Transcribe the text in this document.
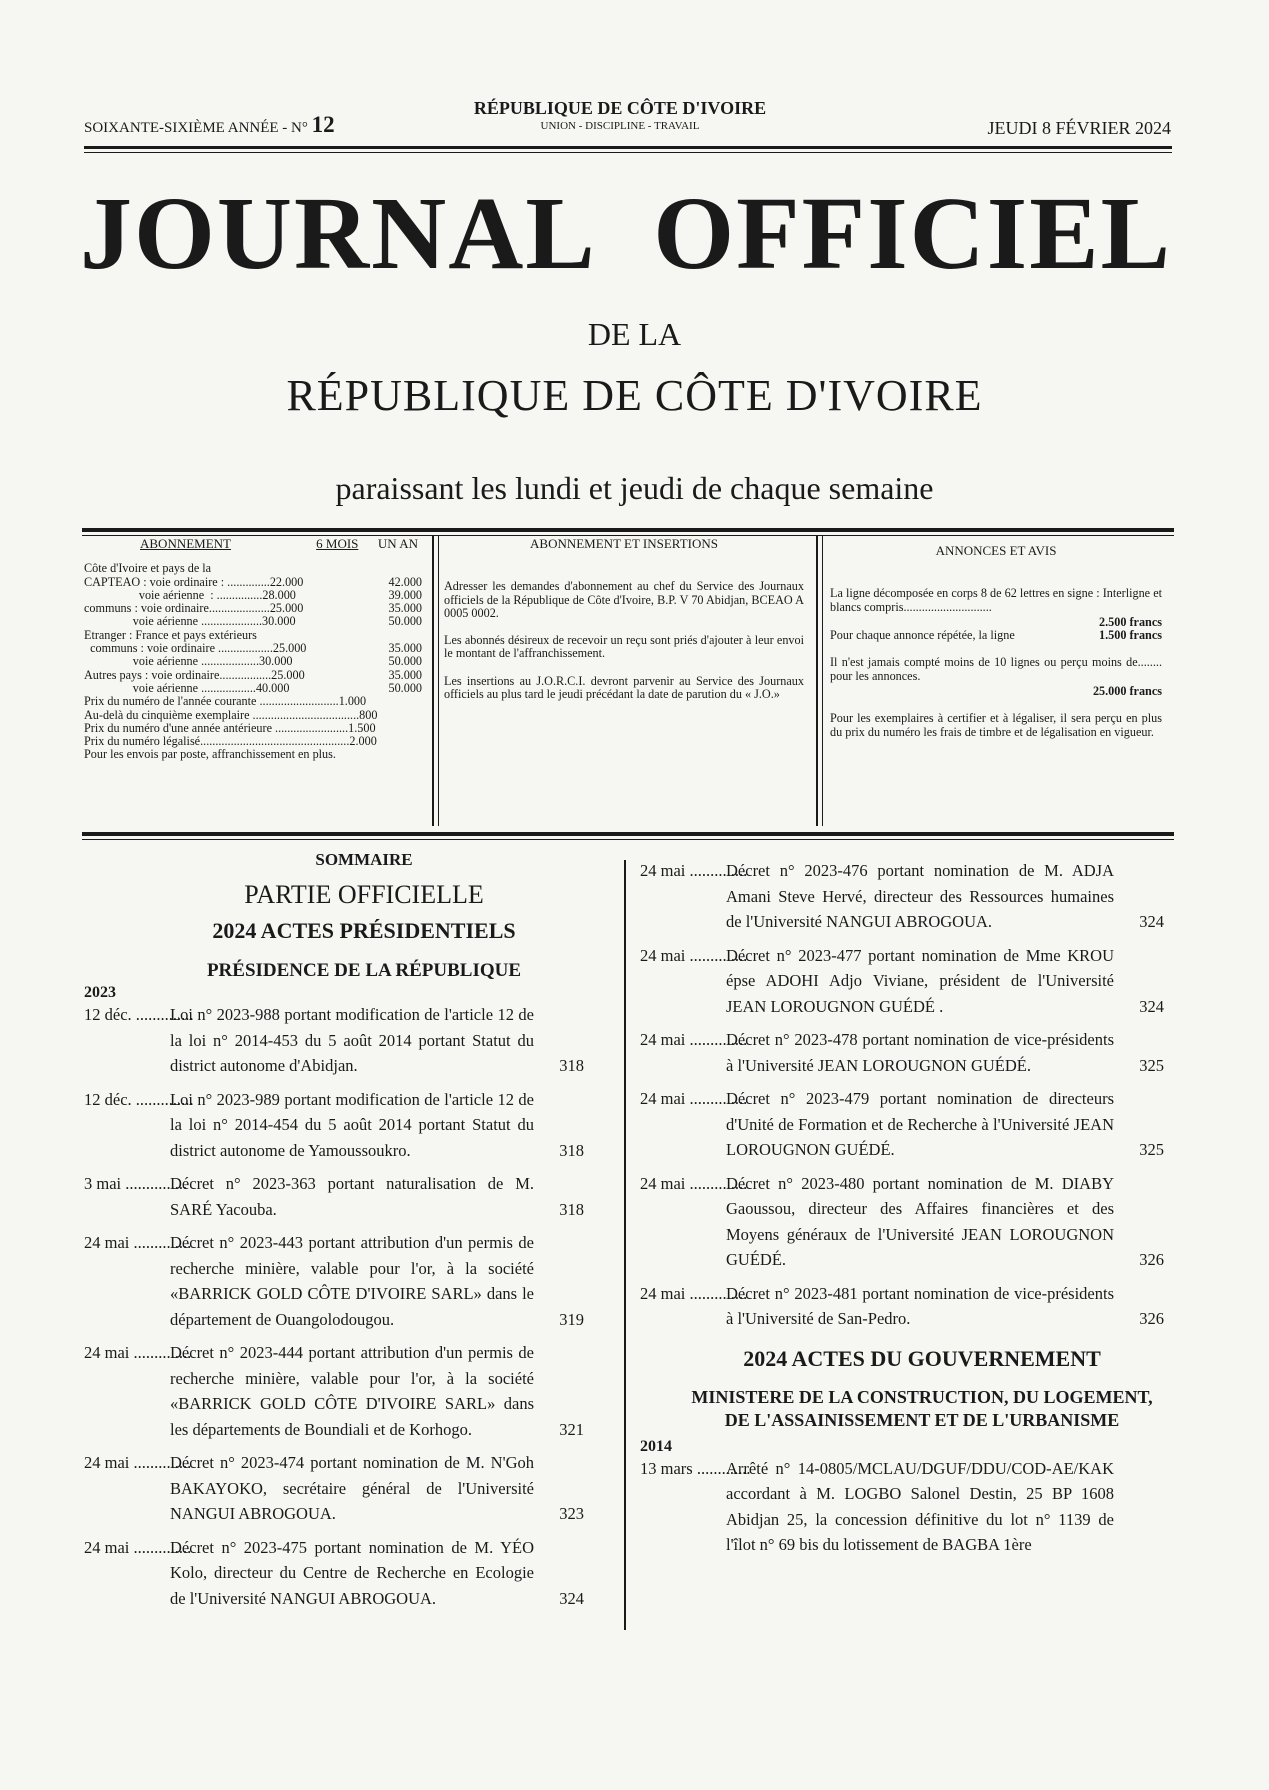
SOIXANTE-SIXIÈME ANNÉE - N° 12
RÉPUBLIQUE DE CÔTE D'IVOIRE
UNION - DISCIPLINE - TRAVAIL	JEUDI 8 FÉVRIER 2024
JOURNAL OFFICIEL
DE LA
RÉPUBLIQUE DE CÔTE D'IVOIRE
paraissant les lundi et jeudi de chaque semaine
ABONNEMENT	6 MOIS UN AN
Côte d'Ivoire et pays de la
CAPTEAO : voie ordinaire : ..............22.000	42.000
voie aérienne  : ...............28.000	39.000
communs : voie ordinaire....................25.000	35.000
voie aérienne ....................30.000	50.000
Etranger : France et pays extérieurs
communs : voie ordinaire ..................25.000	35.000
voie aérienne ...................30.000	50.000
Autres pays : voie ordinaire.................25.000	35.000
voie aérienne ..................40.000	50.000
Prix du numéro de l'année courante ..........................1.000
Au-delà du cinquième exemplaire ...................................800
Prix du numéro d'une année antérieure ........................1.500
Prix du numéro légalisé.................................................2.000
Pour les envois par poste, affranchissement en plus.
ABONNEMENT ET INSERTIONS

Adresser les demandes d'abonnement au chef du Service des Journaux officiels de la République de Côte d'Ivoire, B.P. V 70 Abidjan, BCEAO A 0005 0002.

Les abonnés désireux de recevoir un reçu sont priés d'ajouter à leur envoi le montant de l'affranchissement.

Les insertions au J.O.R.C.I. devront parvenir au Service des Journaux officiels au plus tard le jeudi précédant la date de parution du « J.O.»

ANNONCES ET AVIS

La ligne décomposée en corps 8 de 62 lettres en signe : Interligne et blancs compris.............................

2.500 francs
Pour chaque annonce répétée, la ligne	1.500 francs

Il n'est jamais compté moins de 10 lignes ou perçu moins de........ pour les annonces.

25.000 francs

Pour les exemplaires à certifier et à légaliser, il sera perçu en plus du prix du numéro les frais de timbre et de légalisation en vigueur.

SOMMAIRE
PARTIE OFFICIELLE
2024 ACTES PRÉSIDENTIELS
PRÉSIDENCE DE LA RÉPUBLIQUE
2023
12 déc. ..............
Loi n° 2023-988 portant modification de l'article 12 de la loi n° 2014-453 du 5 août 2014 portant Statut du district autonome d'Abidjan.	318
12 déc. ..............
Loi n° 2023-989 portant modification de l'article 12 de la loi n° 2014-454 du 5 août 2014 portant Statut du district autonome de Yamoussoukro.	318
3 mai ...............
Décret n° 2023-363 portant naturalisation de M. SARÉ Yacouba.	318
24 mai ..............
Décret n° 2023-443 portant attribution d'un permis de recherche minière, valable pour l'or, à la société «BARRICK GOLD CÔTE D'IVOIRE SARL» dans le département de Ouangolodougou.	319
24 mai ..............
Décret n° 2023-444 portant attribution d'un permis de recherche minière, valable pour l'or, à la société «BARRICK GOLD CÔTE D'IVOIRE SARL» dans les départements de Boundiali et de Korhogo.	321
24 mai ..............
Décret n° 2023-474 portant nomination de M. N'Goh BAKAYOKO, secrétaire général de l'Université NANGUI ABROGOUA.	323
24 mai ..............
Décret n° 2023-475 portant nomination de M. YÉO Kolo, directeur du Centre de Recherche en Ecologie de l'Université NANGUI ABROGOUA.	324
24 mai ..............
Décret n° 2023-476 portant nomination de M. ADJA Amani Steve Hervé, directeur des Ressources humaines de l'Université NANGUI ABROGOUA.	324
24 mai ..............
Décret n° 2023-477 portant nomination de Mme KROU épse ADOHI Adjo Viviane, président de l'Université JEAN LOROUGNON GUÉDÉ .	324
24 mai ..............
Décret n° 2023-478 portant nomination de vice-présidents à l'Université JEAN LOROUGNON GUÉDÉ.	325
24 mai ..............
Décret n° 2023-479 portant nomination de directeurs d'Unité de Formation et de Recherche à l'Université JEAN LOROUGNON GUÉDÉ.	325
24 mai ..............
Décret n° 2023-480 portant nomination de M. DIABY Gaoussou, directeur des Affaires financières et des Moyens généraux de l'Université JEAN LOROUGNON GUÉDÉ.	326
24 mai ..............
Décret n° 2023-481 portant nomination de vice-présidents à l'Université de San-Pedro.	326
2024 ACTES DU GOUVERNEMENT
MINISTERE DE LA CONSTRUCTION, DU LOGEMENT, DE L'ASSAINISSEMENT ET DE L'URBANISME
2014
13 mars .............
Arrêté n° 14-0805/MCLAU/DGUF/DDU/COD-AE/KAK accordant à M. LOGBO Salonel Destin, 25 BP 1608 Abidjan 25, la concession définitive du lot n° 1139 de l'îlot n° 69 bis du lotissement de BAGBA 1ère
